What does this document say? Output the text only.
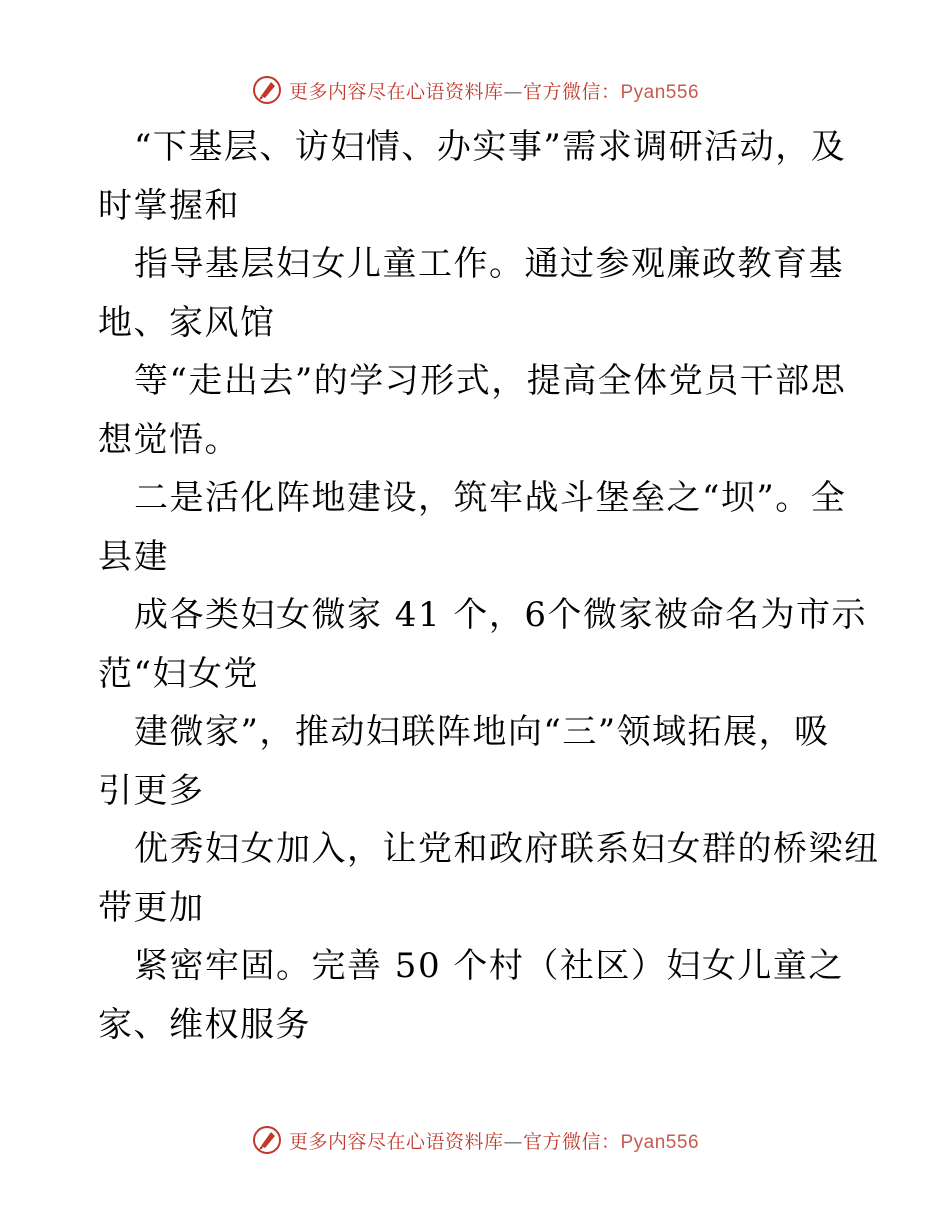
更多内容尽在心语资料库—官方微信：Pyan556
“下基层、访妇情、办实事”需求调研活动，及
时掌握和
指导基层妇女儿童工作。通过参观廉政教育基
地、家风馆
等“走出去”的学习形式，提高全体党员干部思
想觉悟。
二是活化阵地建设，筑牢战斗堡垒之“坝”。全
县建
成各类妇女微家 41 个，6个微家被命名为市示
范“妇女党
建微家”，推动妇联阵地向“三”领域拓展，吸
引更多
优秀妇女加入，让党和政府联系妇女群的桥梁纽
带更加
紧密牢固。完善 50 个村（社区）妇女儿童之
家、维权服务
更多内容尽在心语资料库—官方微信：Pyan556
